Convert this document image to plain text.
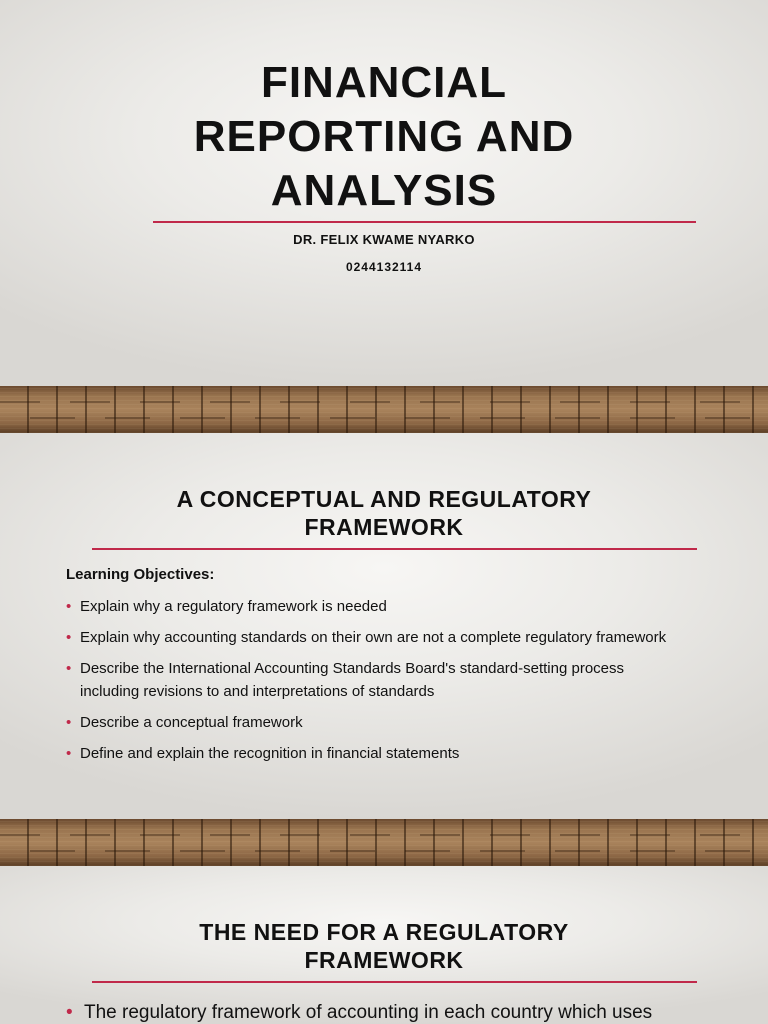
FINANCIAL
REPORTING AND
ANALYSIS
DR. FELIX KWAME NYARKO
0244132114
A CONCEPTUAL AND REGULATORY
FRAMEWORK
Learning Objectives:
• Explain why a regulatory framework is needed
• Explain why accounting standards on their own are not a complete regulatory framework
• Describe the International Accounting Standards Board's standard-setting process including revisions to and interpretations of standards
• Describe a conceptual framework
• Define and explain the recognition in financial statements
THE NEED FOR A REGULATORY
FRAMEWORK
• The regulatory framework of accounting in each country which uses
